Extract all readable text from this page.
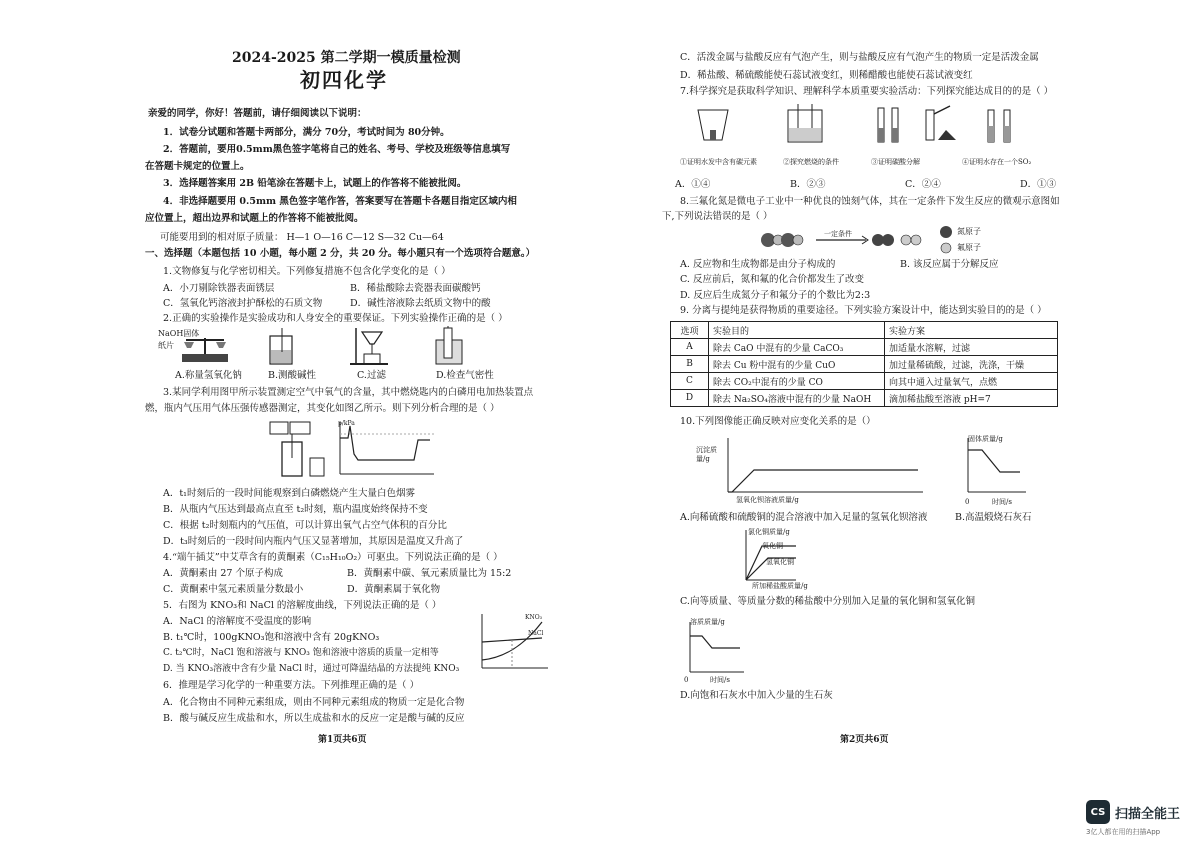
2024-2025 第二学期一模质量检测
初四化学
亲爱的同学，你好！答题前，请仔细阅读以下说明：
1．试卷分试题和答题卡两部分，满分 70分，考试时间为 80分钟。
2．答题前，要用0.5mm黑色签字笔将自己的姓名、考号、学校及班级等信息填写
在答题卡规定的位置上。
3．选择题答案用 2B 铅笔涂在答题卡上，试题上的作答将不能被批阅。
4．非选择题要用 0.5mm 黑色签字笔作答，答案要写在答题卡各题目指定区域内相
应位置上，超出边界和试题上的作答将不能被批阅。
可能要用到的相对原子质量： H—1 O—16 C—12 S—32 Cu—64
一、选择题（本题包括 10 小题，每小题 2 分，共 20 分。每小题只有一个选项符合题意。）
1.文物修复与化学密切相关。下列修复措施不包含化学变化的是（ ）
A．小刀剔除铁器表面锈层	B．稀盐酸除去瓷器表面碳酸钙
C．氢氧化钙溶液封护酥松的石质文物	D．碱性溶液除去纸质文物中的酸
2.正确的实验操作是实验成功和人身安全的重要保证。下列实验操作正确的是（ ）
NaOH固体
纸片
A.称量氢氧化钠	B.测酸碱性	C.过滤	D.检查气密性
3.某同学利用图甲所示装置测定空气中氧气的含量，其中燃烧匙内的白磷用电加热装置点
燃，瓶内气压用气体压强传感器测定，其变化如图乙所示。则下列分析合理的是（ ）
p/kPa
A．t₁时刻后的一段时间能观察到白磷燃烧产生大量白色烟雾
B．从瓶内气压达到最高点直至 t₂时刻，瓶内温度始终保持不变
C．根据 t₂时刻瓶内的气压值，可以计算出氧气占空气体积的百分比
D．t₃时刻后的一段时间内瓶内气压又显著增加，其原因是温度又升高了
4.“端午插艾”中艾草含有的黄酮素（C₁₅H₁₀O₂）可驱虫。下列说法正确的是（ ）
A．黄酮素由 27 个原子构成	B．黄酮素中碳、氧元素质量比为 15:2
C．黄酮素中氢元素质量分数最小	D．黄酮素属于氧化物
5．右图为 KNO₃和 NaCl 的溶解度曲线，下列说法正确的是（ ）
A．NaCl 的溶解度不受温度的影响
B. t₁℃时，100gKNO₃饱和溶液中含有 20gKNO₃
C. t₂℃时，NaCl 饱和溶液与 KNO₃ 饱和溶液中溶质的质量一定相等
D. 当 KNO₃溶液中含有少量 NaCl 时，通过可降温结晶的方法提纯 KNO₃
KNO₃
NaCl
6．推理是学习化学的一种重要方法。下列推理正确的是（ ）
A．化合物由不同种元素组成，则由不同种元素组成的物质一定是化合物
B．酸与碱反应生成盐和水，所以生成盐和水的反应一定是酸与碱的反应
第1页共6页
C．活泼金属与盐酸反应有气泡产生，则与盐酸反应有气泡产生的物质一定是活泼金属
D．稀盐酸、稀硫酸能使石蕊试液变红，则稀醋酸也能使石蕊试液变红
7.科学探究是获取科学知识、理解科学本质重要实验活动：下列探究能达成目的的是（ ）
①证明水发中含有碳元素	②探究燃烧的条件	③证明碳酸分解	④证明水存在一个SO₂
A．①④	B．②③	C．②④	D．①③
8.三氟化氮是微电子工业中一种优良的蚀刻气体，其在一定条件下发生反应的微观示意图如
下,下列说法错误的是（ ）
一定条件	氮原子
氟原子
A. 反应物和生成物都是由分子构成的	B. 该反应属于分解反应
C. 反应前后，氮和氟的化合价都发生了改变
D. 反应后生成氮分子和氟分子的个数比为2:3
9. 分离与提纯是获得物质的重要途径。下列实验方案设计中，能达到实验目的的是（ ）
选项	实验目的	实验方案
A	除去 CaO 中混有的少量 CaCO₃	加适量水溶解，过滤
B	除去 Cu 粉中混有的少量 CuO	加过量稀硫酸，过滤，洗涤，干燥
C	除去 CO₂中混有的少量 CO	向其中通入过量氧气，点燃
D	除去 Na₂SO₄溶液中混有的少量 NaOH	滴加稀盐酸至溶液 pH=7
10.下列图像能正确反映对应变化关系的是（）
沉淀质量/g
氢氧化钡溶液质量/g
固体质量/g
0	时间/s
A.向稀硫酸和硫酸铜的混合溶液中加入足量的氢氧化钡溶液	B.高温煅烧石灰石
氯化铜质量/g
氧化铜
氢氧化铜
所加稀盐酸质量/g
C.向等质量、等质量分数的稀盐酸中分别加入足量的氧化铜和氢氧化铜
溶质质量/g
0	时间/s
D.向饱和石灰水中加入少量的生石灰
第2页共6页
CS 扫描全能王
3亿人都在用的扫描App
